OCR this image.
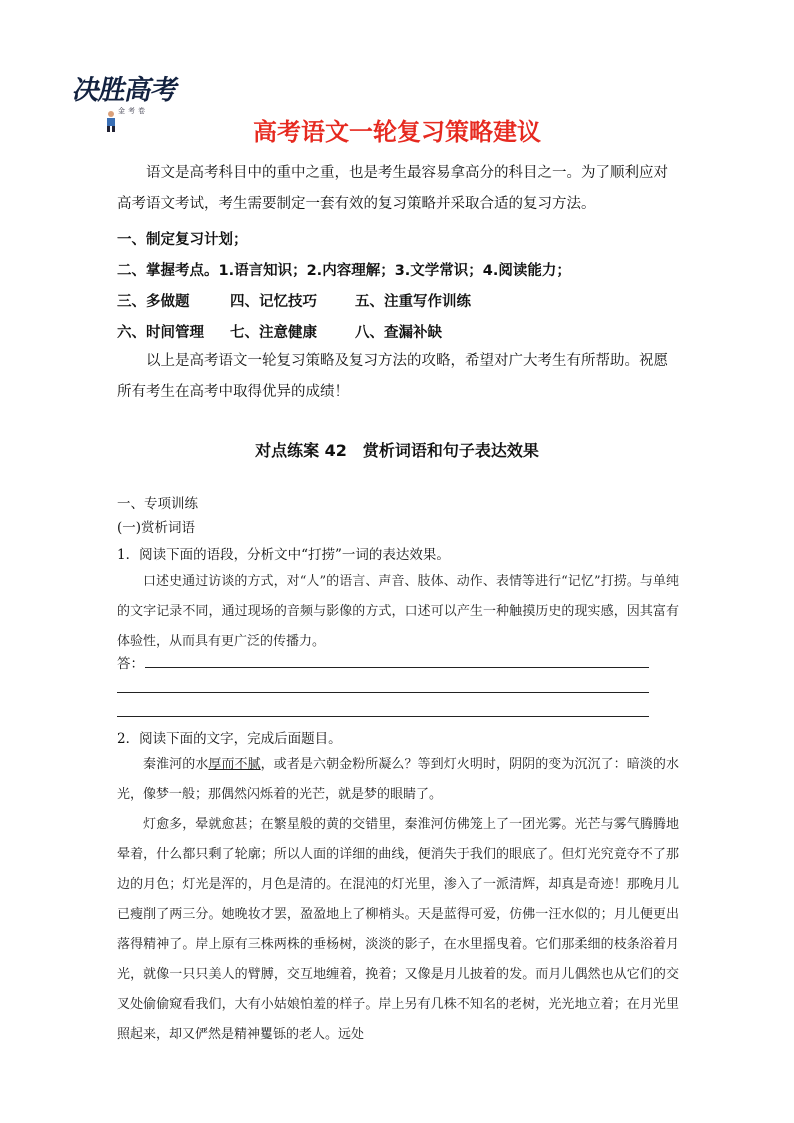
决胜高考
金考卷
高考语文一轮复习策略建议

语文是高考科目中的重中之重，也是考生最容易拿高分的科目之一。为了顺利应对高考语文考试，考生需要制定一套有效的复习策略并采取合适的复习方法。

一、制定复习计划；
二、掌握考点。1.语言知识；2.内容理解；3.文学常识；4.阅读能力；
三、多做题	四、记忆技巧	五、注重写作训练
六、时间管理 七、注意健康	八、查漏补缺

以上是高考语文一轮复习策略及复习方法的攻略，希望对广大考生有所帮助。祝愿所有考生在高考中取得优异的成绩！

对点练案 42　赏析词语和句子表达效果
一、专项训练
(一)赏析词语
1．阅读下面的语段，分析文中“打捞”一词的表达效果。

口述史通过访谈的方式，对“人”的语言、声音、肢体、动作、表情等进行“记忆”打捞。与单纯的文字记录不同，通过现场的音频与影像的方式，口述可以产生一种触摸历史的现实感，因其富有体验性，从而具有更广泛的传播力。

答：
2．阅读下面的文字，完成后面题目。

秦淮河的水厚而不腻，或者是六朝金粉所凝么？等到灯火明时，阴阴的变为沉沉了：暗淡的水光，像梦一般；那偶然闪烁着的光芒，就是梦的眼睛了。

灯愈多，晕就愈甚；在繁星般的黄的交错里，秦淮河仿佛笼上了一团光雾。光芒与雾气腾腾地晕着，什么都只剩了轮廓；所以人面的详细的曲线，便消失于我们的眼底了。但灯光究竟夺不了那边的月色；灯光是浑的，月色是清的。在混沌的灯光里，渗入了一派清辉，却真是奇迹！那晚月儿已瘦削了两三分。她晚妆才罢，盈盈地上了柳梢头。天是蓝得可爱，仿佛一汪水似的；月儿便更出落得精神了。岸上原有三株两株的垂杨树，淡淡的影子，在水里摇曳着。它们那柔细的枝条浴着月光，就像一只只美人的臂膊，交互地缠着，挽着；又像是月儿披着的发。而月儿偶然也从它们的交叉处偷偷窥看我们，大有小姑娘怕羞的样子。岸上另有几株不知名的老树，光光地立着；在月光里照起来，却又俨然是精神矍铄的老人。远处
